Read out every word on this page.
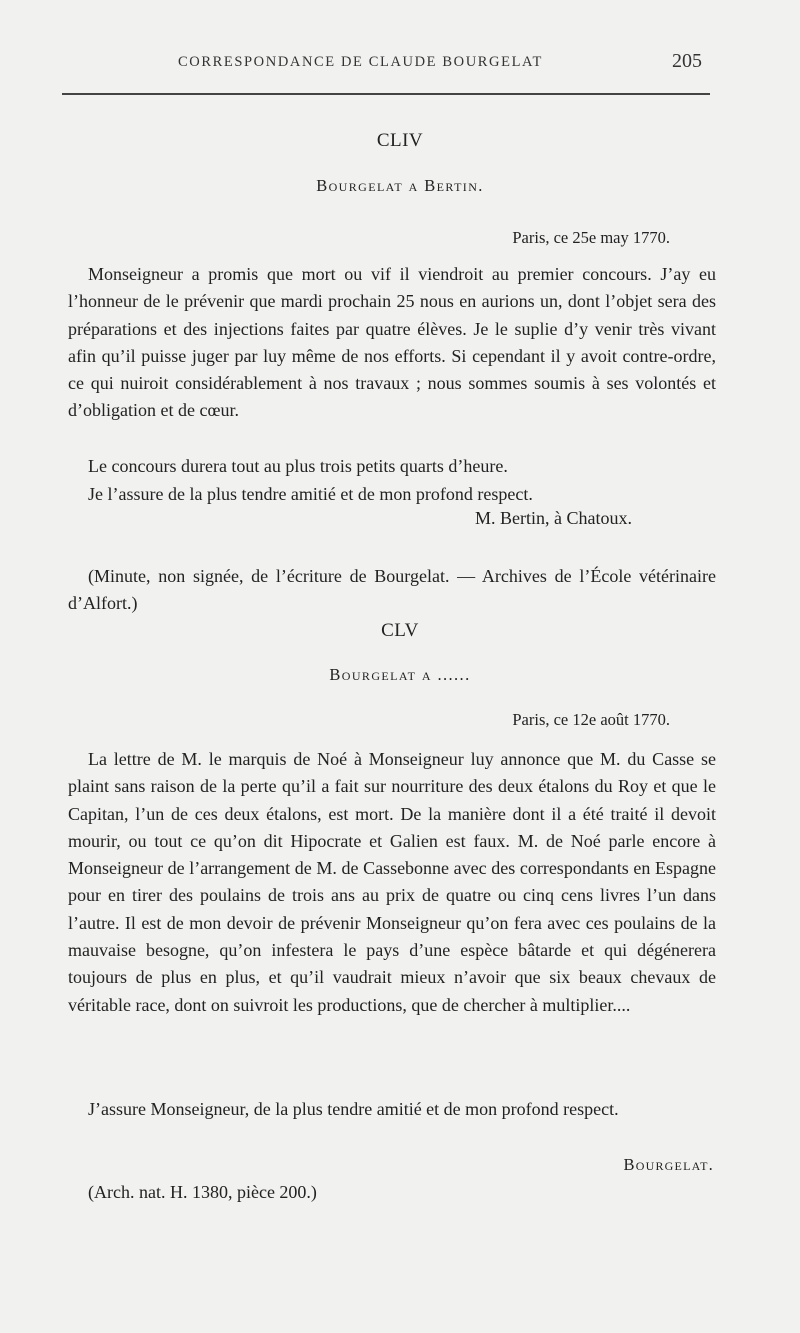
CORRESPONDANCE DE CLAUDE BOURGELAT	205
CLIV
Bourgelat a Bertin.
Paris, ce 25e may 1770.

Monseigneur a promis que mort ou vif il viendroit au premier concours. J’ay eu l’honneur de le prévenir que mardi prochain 25 nous en aurions un, dont l’objet sera des préparations et des injections faites par quatre élèves. Je le suplie d’y venir très vivant afin qu’il puisse juger par luy même de nos efforts. Si cependant il y avoit contre-ordre, ce qui nuiroit considérablement à nos travaux ; nous sommes soumis à ses volontés et d’obligation et de cœur.

Le concours durera tout au plus trois petits quarts d’heure.

Je l’assure de la plus tendre amitié et de mon profond respect.

M. Bertin, à Chatoux.

(Minute, non signée, de l’écriture de Bourgelat. — Archives de l’École vétérinaire d’Alfort.)

CLV
Bourgelat a ......
Paris, ce 12e août 1770.

La lettre de M. le marquis de Noé à Monseigneur luy annonce que M. du Casse se plaint sans raison de la perte qu’il a fait sur nourriture des deux étalons du Roy et que le Capitan, l’un de ces deux étalons, est mort. De la manière dont il a été traité il devoit mourir, ou tout ce qu’on dit Hipocrate et Galien est faux. M. de Noé parle encore à Monseigneur de l’arrangement de M. de Cassebonne avec des correspondants en Espagne pour en tirer des poulains de trois ans au prix de quatre ou cinq cens livres l’un dans l’autre. Il est de mon devoir de prévenir Monseigneur qu’on fera avec ces poulains de la mauvaise besogne, qu’on infestera le pays d’une espèce bâtarde et qui dégénerera toujours de plus en plus, et qu’il vaudrait mieux n’avoir que six beaux chevaux de véritable race, dont on suivroit les productions, que de chercher à multiplier....

J’assure Monseigneur, de la plus tendre amitié et de mon profond respect.

Bourgelat.
(Arch. nat. H. 1380, pièce 200.)
